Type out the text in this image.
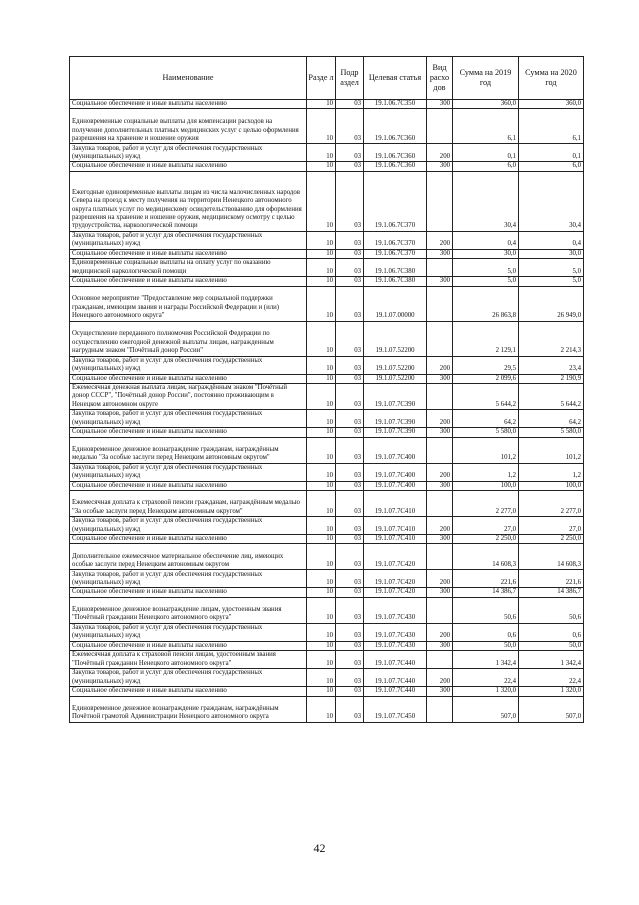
Наименование	Разде л	Подр аздел	Целевая статья	Вид расхо дов	Сумма на 2019 год	Сумма на 2020 год
Социальное обеспечение и иные выплаты населению	10	03	19.1.06.7C350	300	360,0	360,0
Единовременные социальные выплаты для компенсации расходов на получение дополнительных платных медицинских услуг с целью оформления разрешения на хранение и ношение оружия	10	03	19.1.06.7C360		6,1	6,1
Закупка товаров, работ и услуг для обеспечения государственных (муниципальных) нужд	10	03	19.1.06.7C360	200	0,1	0,1
Социальное обеспечение и иные выплаты населению	10	03	19.1.06.7C360	300	6,0	6,0
Ежегодные единовременные выплаты лицам из числа малочисленных народов Севера на проезд к месту получения на территории Ненецкого автономного округа платных услуг по медицинскому освидетельствованию для оформления разрешения на хранение и ношение оружия, медицинскому осмотру с целью трудоустройства, наркологической помощи	10	03	19.1.06.7C370		30,4	30,4
Закупка товаров, работ и услуг для обеспечения государственных (муниципальных) нужд	10	03	19.1.06.7C370	200	0,4	0,4
Социальное обеспечение и иные выплаты населению	10	03	19.1.06.7C370	300	30,0	30,0
Единовременные социальные выплаты на оплату услуг по оказанию медицинской наркологической помощи	10	03	19.1.06.7C380		5,0	5,0
Социальное обеспечение и иные выплаты населению	10	03	19.1.06.7C380	300	5,0	5,0
Основное мероприятие "Предоставление мер социальной поддержки гражданам, имеющим звания и награды Российской Федерации и (или) Ненецкого автономного округа"	10	03	19.1.07.00000		26 863,8	26 949,0
Осуществление переданного полномочия Российской Федерации по осуществлению ежегодной денежной выплаты лицам, награжденным нагрудным знаком "Почётный донор России"	10	03	19.1.07.52200		2 129,1	2 214,3
Закупка товаров, работ и услуг для обеспечения государственных (муниципальных) нужд	10	03	19.1.07.52200	200	29,5	23,4
Социальное обеспечение и иные выплаты населению	10	03	19.1.07.52200	300	2 099,6	2 190,9
Ежемесячная денежная выплата лицам, награждённым знаком "Почётный донор СССР", "Почётный донор России", постоянно проживающим в Ненецком автономном округе	10	03	19.1.07.7C390		5 644,2	5 644,2
Закупка товаров, работ и услуг для обеспечения государственных (муниципальных) нужд	10	03	19.1.07.7C390	200	64,2	64,2
Социальное обеспечение и иные выплаты населению	10	03	19.1.07.7C390	300	5 580,0	5 580,0
Единовременное денежное вознаграждение гражданам, награждённым медалью "За особые заслуги перед Ненецким автономным округом"	10	03	19.1.07.7C400		101,2	101,2
Закупка товаров, работ и услуг для обеспечения государственных (муниципальных) нужд	10	03	19.1.07.7C400	200	1,2	1,2
Социальное обеспечение и иные выплаты населению	10	03	19.1.07.7C400	300	100,0	100,0
Ежемесячная доплата к страховой пенсии гражданам, награждённым медалью "За особые заслуги перед Ненецким автономным округом"	10	03	19.1.07.7C410		2 277,0	2 277,0
Закупка товаров, работ и услуг для обеспечения государственных (муниципальных) нужд	10	03	19.1.07.7C410	200	27,0	27,0
Социальное обеспечение и иные выплаты населению	10	03	19.1.07.7C410	300	2 250,0	2 250,0
Дополнительное ежемесячное материальное обеспечение лиц, имеющих особые заслуги перед Ненецким автономным округом	10	03	19.1.07.7C420		14 608,3	14 608,3
Закупка товаров, работ и услуг для обеспечения государственных (муниципальных) нужд	10	03	19.1.07.7C420	200	221,6	221,6
Социальное обеспечение и иные выплаты населению	10	03	19.1.07.7C420	300	14 386,7	14 386,7
Единовременное денежное вознаграждение лицам, удостоенным звания "Почётный гражданин Ненецкого автономного округа"	10	03	19.1.07.7C430		50,6	50,6
Закупка товаров, работ и услуг для обеспечения государственных (муниципальных) нужд	10	03	19.1.07.7C430	200	0,6	0,6
Социальное обеспечение и иные выплаты населению	10	03	19.1.07.7C430	300	50,0	50,0
Ежемесячная доплата к страховой пенсии лицам, удостоенным звания "Почётный гражданин Ненецкого автономного округа"	10	03	19.1.07.7C440		1 342,4	1 342,4
Закупка товаров, работ и услуг для обеспечения государственных (муниципальных) нужд	10	03	19.1.07.7C440	200	22,4	22,4
Социальное обеспечение и иные выплаты населению	10	03	19.1.07.7C440	300	1 320,0	1 320,0
Единовременное денежное вознаграждение гражданам, награждённым Почётной грамотой Администрации Ненецкого автономного округа	10	03	19.1.07.7C450		507,0	507,0
42
